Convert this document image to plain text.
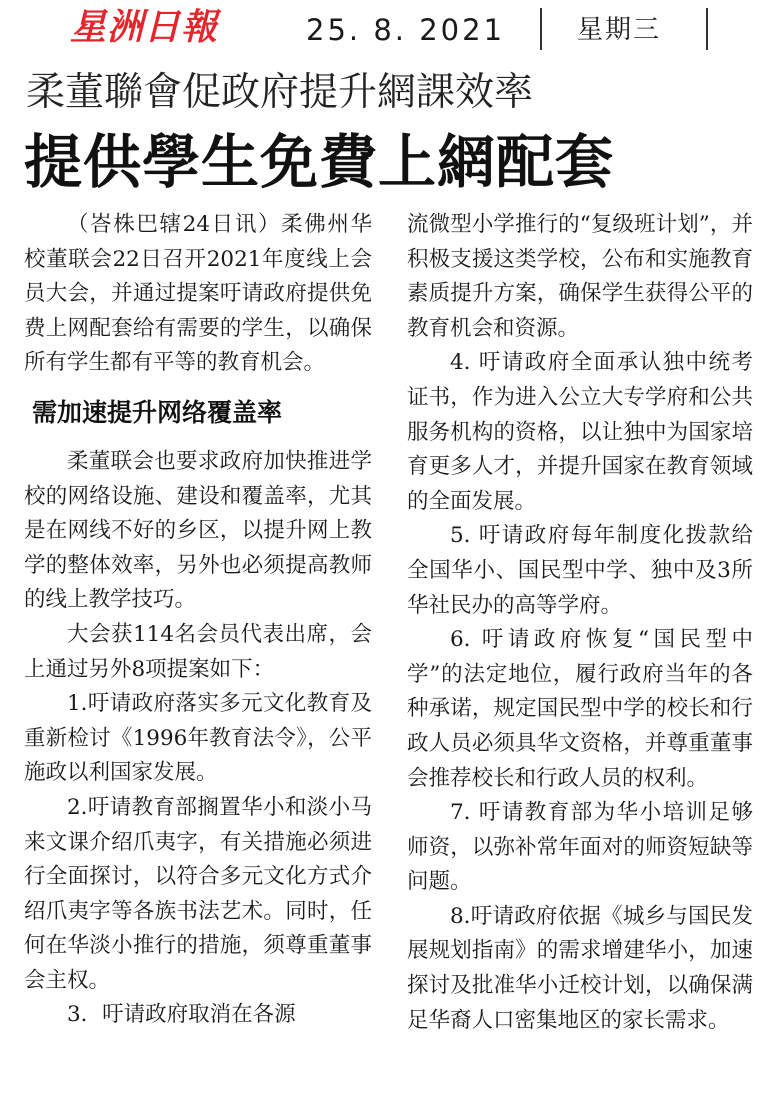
星洲日報	25. 8. 2021	星期三
柔董聯會促政府提升網課效率
提供學生免費上網配套

（峇株巴辖24日讯）柔佛州华校董联会22日召开2021年度线上会员大会，并通过提案吁请政府提供免费上网配套给有需要的学生，以确保所有学生都有平等的教育机会。

需加速提升网络覆盖率

柔董联会也要求政府加快推进学校的网络设施、建设和覆盖率，尤其是在网线不好的乡区，以提升网上教学的整体效率，另外也必须提高教师的线上教学技巧。

大会获114名会员代表出席，会上通过另外8项提案如下：

1.吁请政府落实多元文化教育及重新检讨《1996年教育法令》，公平施政以利国家发展。

2.吁请教育部搁置华小和淡小马来文课介绍爪夷字，有关措施必须进行全面探讨，以符合多元文化方式介绍爪夷字等各族书法艺术。同时，任何在华淡小推行的措施，须尊重董事会主权。

3．吁请政府取消在各源

流微型小学推行的“复级班计划”，并积极支援这类学校，公布和实施教育素质提升方案，确保学生获得公平的教育机会和资源。

4. 吁请政府全面承认独中统考证书，作为进入公立大专学府和公共服务机构的资格，以让独中为国家培育更多人才，并提升国家在教育领域的全面发展。

5. 吁请政府每年制度化拨款给全国华小、国民型中学、独中及3所华社民办的高等学府。

6. 吁请政府恢复“国民型中学”的法定地位，履行政府当年的各种承诺，规定国民型中学的校长和行政人员必须具华文资格，并尊重董事会推荐校长和行政人员的权利。

7. 吁请教育部为华小培训足够师资，以弥补常年面对的师资短缺等问题。

8.吁请政府依据《城乡与国民发展规划指南》的需求增建华小，加速探讨及批准华小迁校计划，以确保满足华裔人口密集地区的家长需求。
